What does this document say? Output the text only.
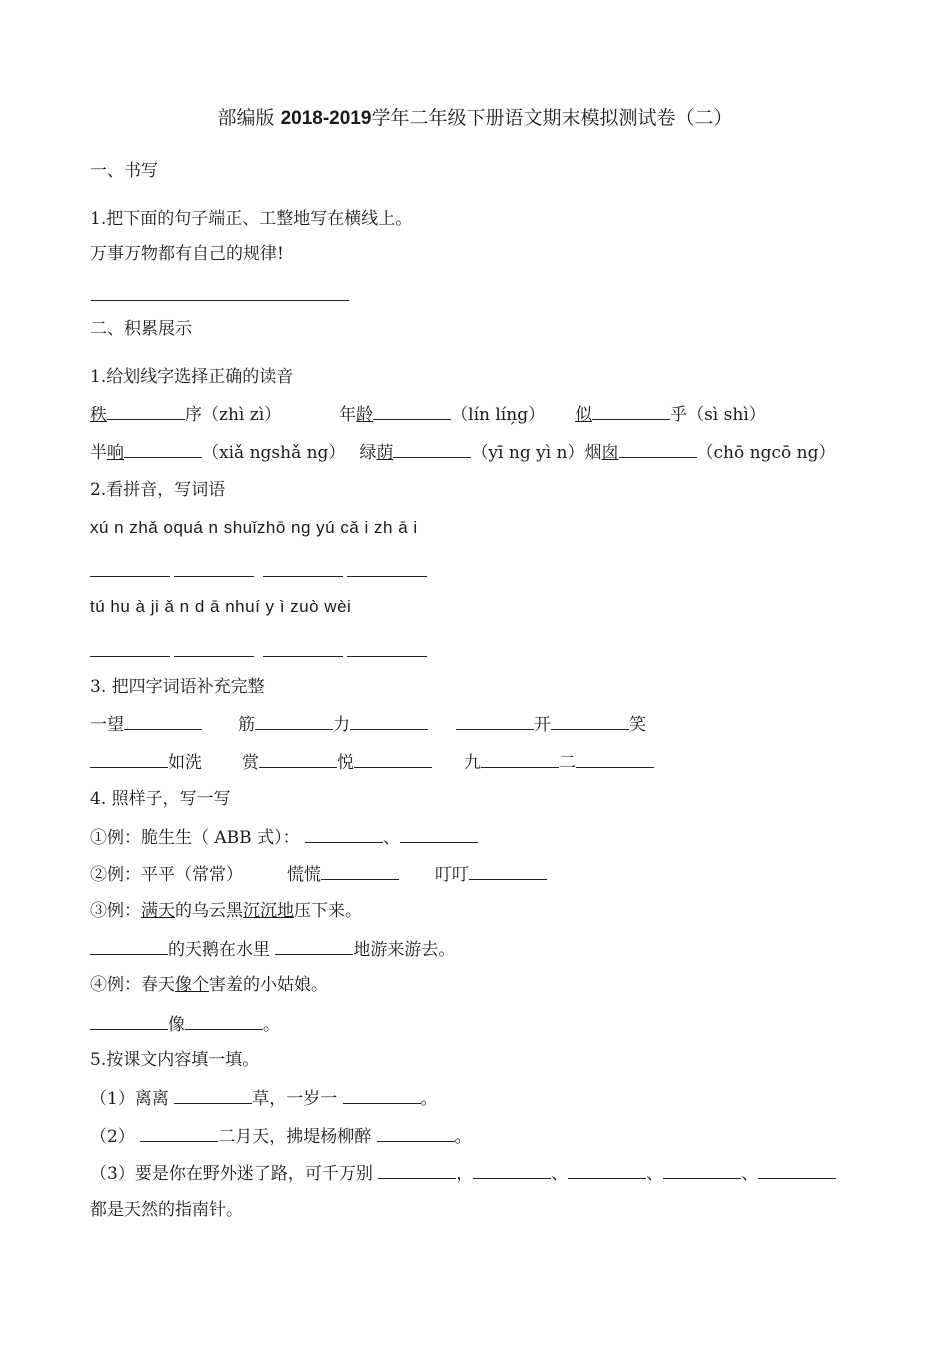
部编版 2018-2019学年二年级下册语文期末模拟测试卷（二）
一、书写
1.把下面的句子端正、工整地写在横线上。
万事万物都有自己的规律!
二、积累展示
1.给划线字选择正确的读音
秩	序（zhì zì）	年龄	（lín lín̗g） 似	乎（sì shì）
半响	（xiǎ ngshǎ ng） 绿荫	（yī ng yì n）烟囱	（chō ngcō ng）
2.看拼音，写词语
xú n zhǎ oquá n shuǐzhō ng yú cǎ i zh ā i
tú hu à ji ǎ n d ā nhuí y ì zuò wèi
3. 把四字词语补充完整
一望	筋	力	开	笑
如洗 赏	悦	九	二
4. 照样子，写一写
①例：脆生生（ ABB 式）：	、
②例：平平（常常）	慌慌	叮叮
③例：满天的乌云黑沉沉地压下来。
的天鹅在水里	地游来游去。
④例：春天像个害羞的小姑娘。
像	。
5.按课文内容填一填。
（1）离离	草，一岁一	。
（2）	二月天，拂堤杨柳醉	。
（3）要是你在野外迷了路，可千万别	，	、	、	、
都是天然的指南针。
